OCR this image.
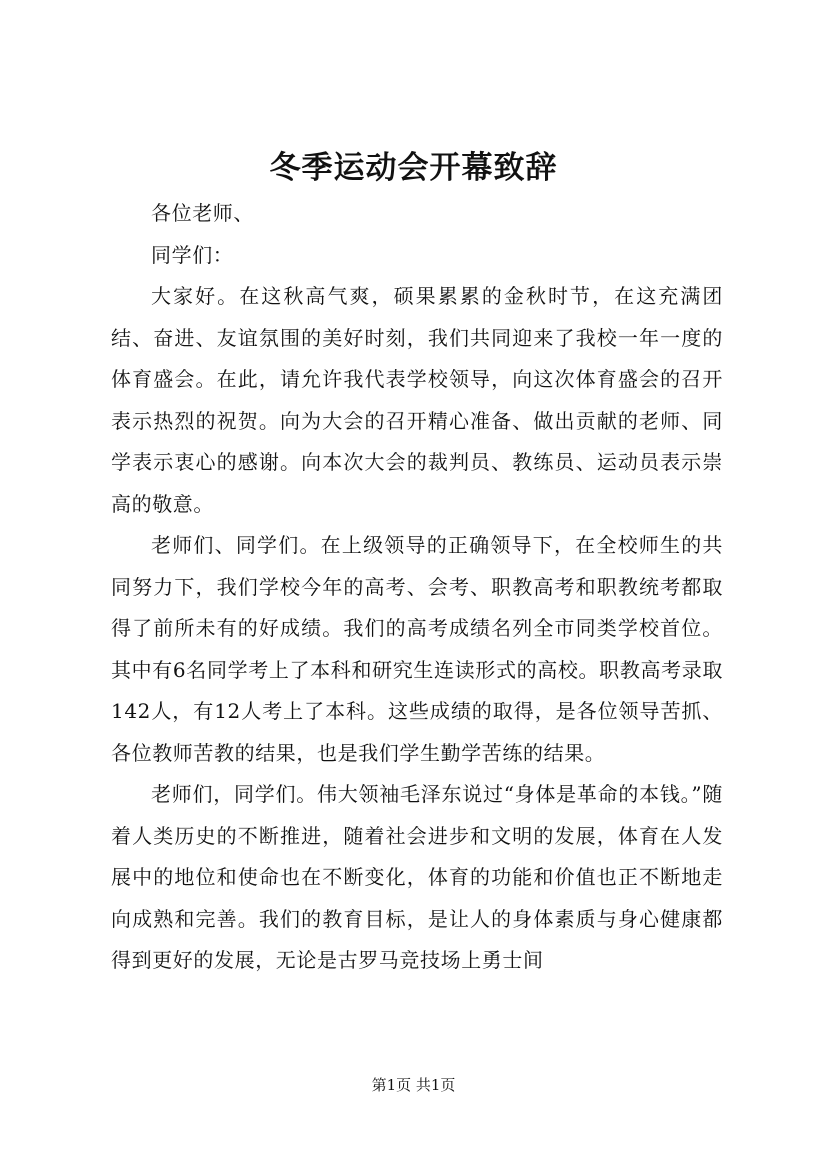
冬季运动会开幕致辞

各位老师、

同学们：

大家好。在这秋高气爽，硕果累累的金秋时节，在这充满团结、奋进、友谊氛围的美好时刻，我们共同迎来了我校一年一度的体育盛会。在此，请允许我代表学校领导，向这次体育盛会的召开表示热烈的祝贺。向为大会的召开精心准备、做出贡献的老师、同学表示衷心的感谢。向本次大会的裁判员、教练员、运动员表示崇高的敬意。

老师们、同学们。在上级领导的正确领导下，在全校师生的共同努力下，我们学校今年的高考、会考、职教高考和职教统考都取得了前所未有的好成绩。我们的高考成绩名列全市同类学校首位。其中有6名同学考上了本科和研究生连读形式的高校。职教高考录取142人，有12人考上了本科。这些成绩的取得，是各位领导苦抓、各位教师苦教的结果，也是我们学生勤学苦练的结果。

老师们，同学们。伟大领袖毛泽东说过“身体是革命的本钱。”随着人类历史的不断推进，随着社会进步和文明的发展，体育在人发展中的地位和使命也在不断变化，体育的功能和价值也正不断地走向成熟和完善。我们的教育目标，是让人的身体素质与身心健康都得到更好的发展，无论是古罗马竞技场上勇士间

第1页 共1页
